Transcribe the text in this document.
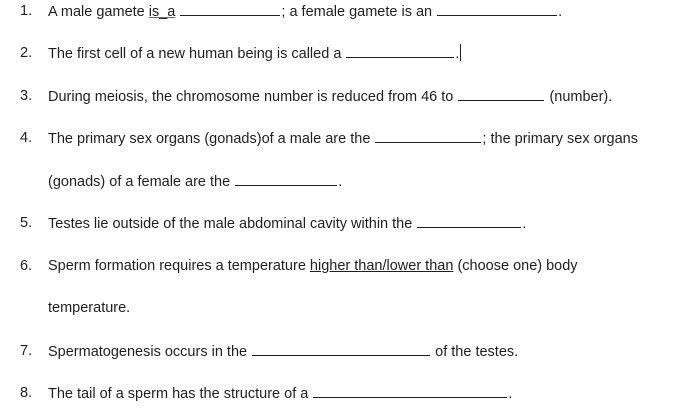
1. A male gamete is_a	; a female gamete is an	.
2. The first cell of a new human being is called a	.
3. During meiosis, the chromosome number is reduced from 46 to	(number).
4. The primary sex organs (gonads)of a male are the	; the primary sex organs
(gonads) of a female are the	.
5. Testes lie outside of the male abdominal cavity within the	.
6. Sperm formation requires a temperature higher than/lower than (choose one) body
temperature.
7. Spermatogenesis occurs in the	of the testes.
8. The tail of a sperm has the structure of a	.
